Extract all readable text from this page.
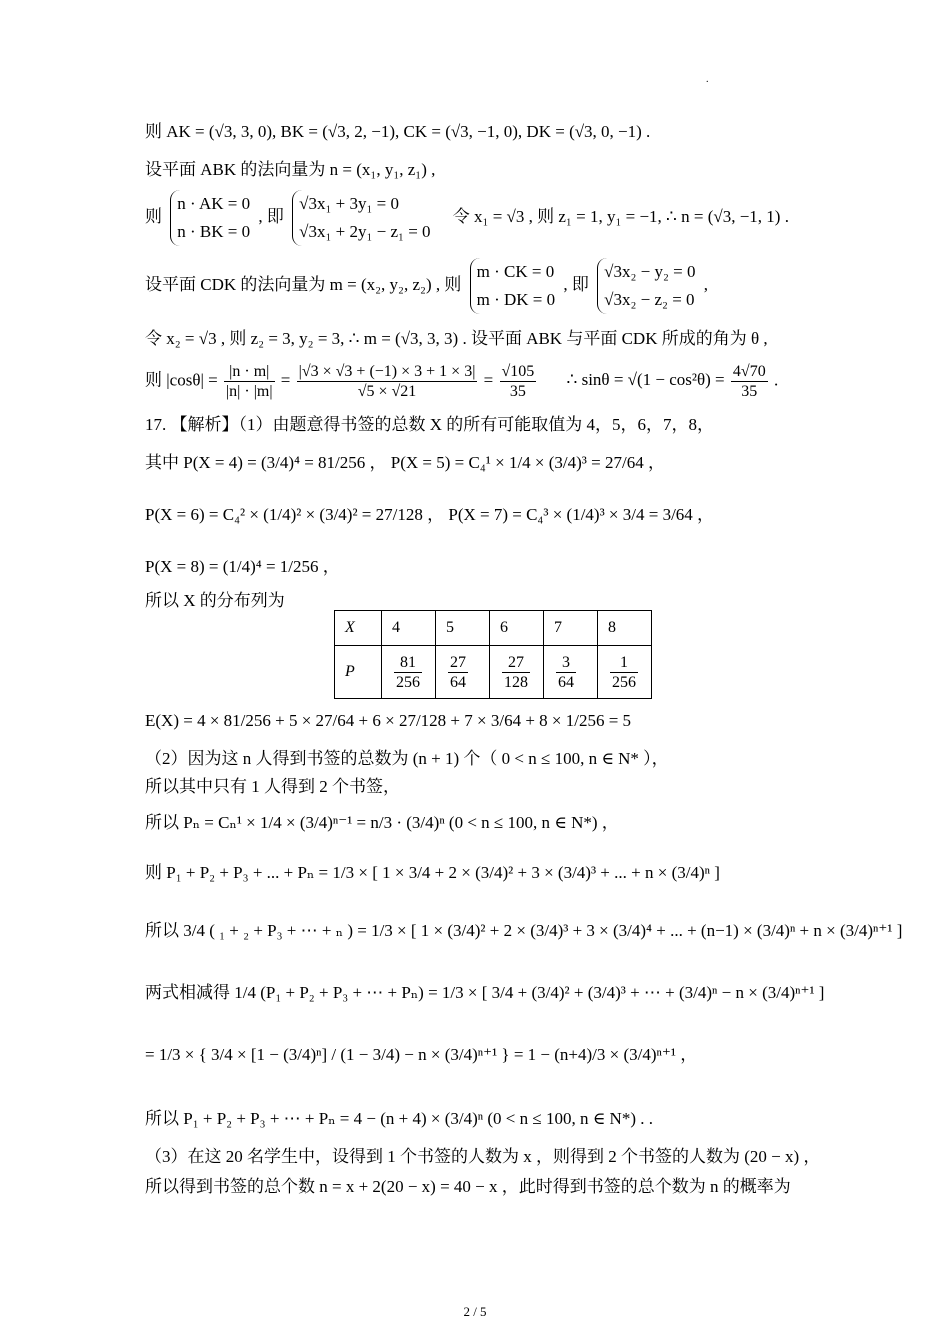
.
则 AK = (√3, 3, 0), BK = (√3, 2, −1), CK = (√3, −1, 0), DK = (√3, 0, −1) .
设平面 ABK 的法向量为 n = (x₁, y₁, z₁) ,
则
n · AK = 0
n · BK = 0
, 即
√3x₁ + 3y₁ = 0
√3x₁ + 2y₁ − z₁ = 0
令 x₁ = √3 , 则 z₁ = 1, y₁ = −1, ∴ n = (√3, −1, 1) .
设平面 CDK 的法向量为 m = (x₂, y₂, z₂) , 则
m · CK = 0
m · DK = 0
, 即
√3x₂ − y₂ = 0
√3x₂ − z₂ = 0
,
令 x₂ = √3 , 则 z₂ = 3, y₂ = 3, ∴ m = (√3, 3, 3) . 设平面 ABK 与平面 CDK 所成的角为 θ ,
则 $|\cos\theta| = \frac{|n \cdot m|}{|n| \cdot |m|} = \frac{|√3 \times √3 + (-1) \times 3 + 1 \times 3|}{√5 \times √21} = \frac{√105}{35}$ ∴ $\sin\theta = √(1 - \cos^2\theta) = \frac{4√70}{35}$ .
17. 【解析】（1）由题意得书签的总数 X 的所有可能取值为 4，5，6，7，8，
其中 P(X = 4) = (3/4)⁴ = 81/256 ， P(X = 5) = C₄¹ × 1/4 × (3/4)³ = 27/64 ，
P(X = 6) = C₄² × (1/4)² × (3/4)² = 27/128 ， P(X = 7) = C₄³ × (1/4)³ × 3/4 = 3/64 ，
P(X = 8) = (1/4)⁴ = 1/256 ，
所以 X 的分布列为
X	4	5	6	7	8
P	$\frac{81}{256}$	$\frac{27}{64}$	$\frac{27}{128}$	$\frac{3}{64}$	$\frac{1}{256}$
E(X) = 4 × 81/256 + 5 × 27/64 + 6 × 27/128 + 7 × 3/64 + 8 × 1/256 = 5
（2）因为这 n 人得到书签的总数为 (n + 1) 个（ 0 < n ≤ 100, n ∈ N* ），
所以其中只有 1 人得到 2 个书签，
所以 Pₙ = Cₙ¹ × 1/4 × (3/4)ⁿ⁻¹ = n/3 · (3/4)ⁿ (0 < n ≤ 100, n ∈ N*) ，
则 P₁ + P₂ + P₃ + ... + Pₙ = 1/3 × [ 1 × 3/4 + 2 × (3/4)² + 3 × (3/4)³ + ... + n × (3/4)ⁿ ]
所以 3/4 ( ₁ + ₂ + P₃ + ⋯ + ₙ ) = 1/3 × [ 1 × (3/4)² + 2 × (3/4)³ + 3 × (3/4)⁴ + ... + (n−1) × (3/4)ⁿ + n × (3/4)ⁿ⁺¹ ]
两式相减得 1/4 (P₁ + P₂ + P₃ + ⋯ + Pₙ) = 1/3 × [ 3/4 + (3/4)² + (3/4)³ + ⋯ + (3/4)ⁿ − n × (3/4)ⁿ⁺¹ ]
= 1/3 × { 3/4 × [1 − (3/4)ⁿ] / (1 − 3/4) − n × (3/4)ⁿ⁺¹ } = 1 − (n+4)/3 × (3/4)ⁿ⁺¹ ，
所以 P₁ + P₂ + P₃ + ⋯ + Pₙ = 4 − (n + 4) × (3/4)ⁿ (0 < n ≤ 100, n ∈ N*) . .
（3）在这 20 名学生中，设得到 1 个书签的人数为 x ，则得到 2 个书签的人数为 (20 − x) ，
所以得到书签的总个数 n = x + 2(20 − x) = 40 − x ，此时得到书签的总个数为 n 的概率为
2 / 5
